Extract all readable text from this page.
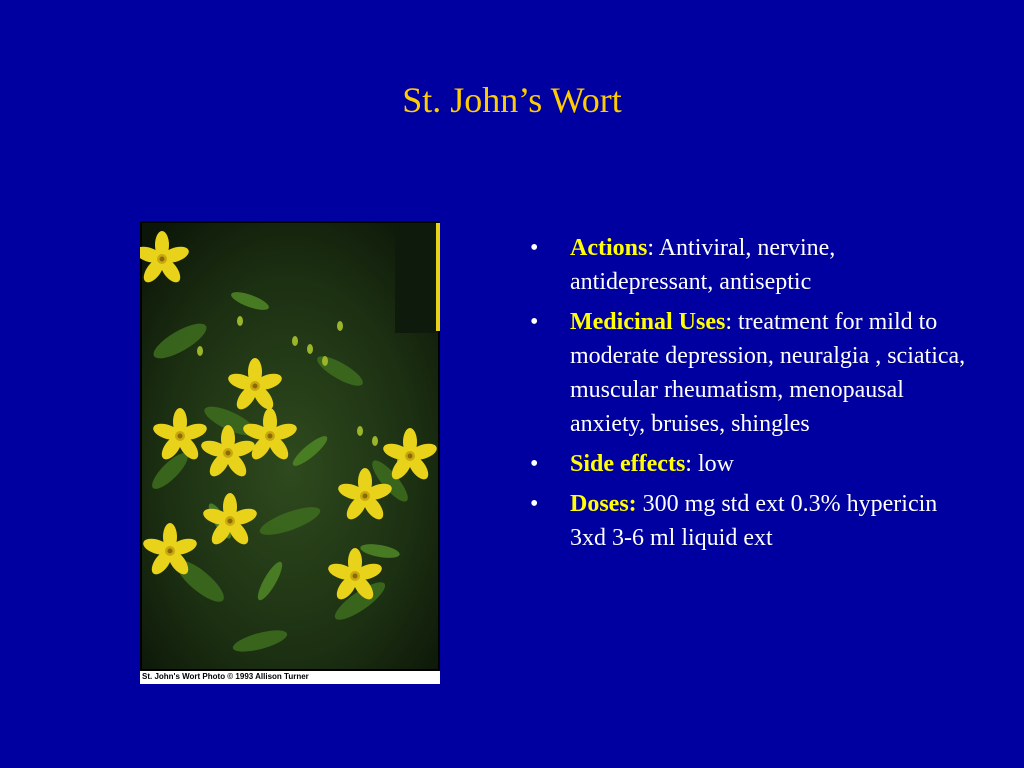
St. John’s Wort
St. John's Wort Photo © 1993 Allison Turner
• Actions: Antiviral, nervine, antidepressant, antiseptic
• Medicinal Uses: treatment for mild to moderate depression, neuralgia , sciatica, muscular rheumatism, menopausal anxiety, bruises, shingles
• Side effects: low
• Doses: 300 mg std ext 0.3% hypericin 3xd 3-6 ml liquid ext
